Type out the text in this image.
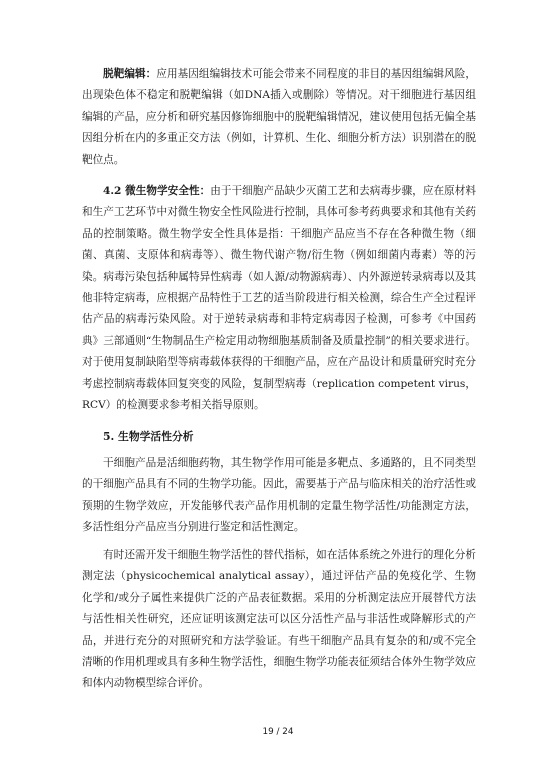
脱靶编辑：应用基因组编辑技术可能会带来不同程度的非目的基因组编辑风险，出现染色体不稳定和脱靶编辑（如DNA插入或删除）等情况。对干细胞进行基因组编辑的产品，应分析和研究基因修饰细胞中的脱靶编辑情况，建议使用包括无偏全基因组分析在内的多重正交方法（例如，计算机、生化、细胞分析方法）识别潜在的脱靶位点。

4.2 微生物学安全性：由于干细胞产品缺少灭菌工艺和去病毒步骤，应在原材料和生产工艺环节中对微生物安全性风险进行控制，具体可参考药典要求和其他有关药品的控制策略。微生物学安全性具体是指：干细胞产品应当不存在各种微生物（细菌、真菌、支原体和病毒等）、微生物代谢产物/衍生物（例如细菌内毒素）等的污染。病毒污染包括种属特异性病毒（如人源/动物源病毒）、内外源逆转录病毒以及其他非特定病毒，应根据产品特性于工艺的适当阶段进行相关检测，综合生产全过程评估产品的病毒污染风险。对于逆转录病毒和非特定病毒因子检测，可参考《中国药典》三部通则“生物制品生产检定用动物细胞基质制备及质量控制”的相关要求进行。对于使用复制缺陷型等病毒载体获得的干细胞产品，应在产品设计和质量研究时充分考虑控制病毒载体回复突变的风险，复制型病毒（replication competent virus，RCV）的检测要求参考相关指导原则。

5. 生物学活性分析

干细胞产品是活细胞药物，其生物学作用可能是多靶点、多通路的，且不同类型的干细胞产品具有不同的生物学功能。因此，需要基于产品与临床相关的治疗活性或预期的生物学效应，开发能够代表产品作用机制的定量生物学活性/功能测定方法，多活性组分产品应当分别进行鉴定和活性测定。

有时还需开发干细胞生物学活性的替代指标，如在活体系统之外进行的理化分析测定法（physicochemical analytical assay），通过评估产品的免疫化学、生物化学和/或分子属性来提供广泛的产品表征数据。采用的分析测定法应开展替代方法与活性相关性研究，还应证明该测定法可以区分活性产品与非活性或降解形式的产品，并进行充分的对照研究和方法学验证。有些干细胞产品具有复杂的和/或不完全清晰的作用机理或具有多种生物学活性，细胞生物学功能表征须结合体外生物学效应和体内动物模型综合评价。

19 / 24
